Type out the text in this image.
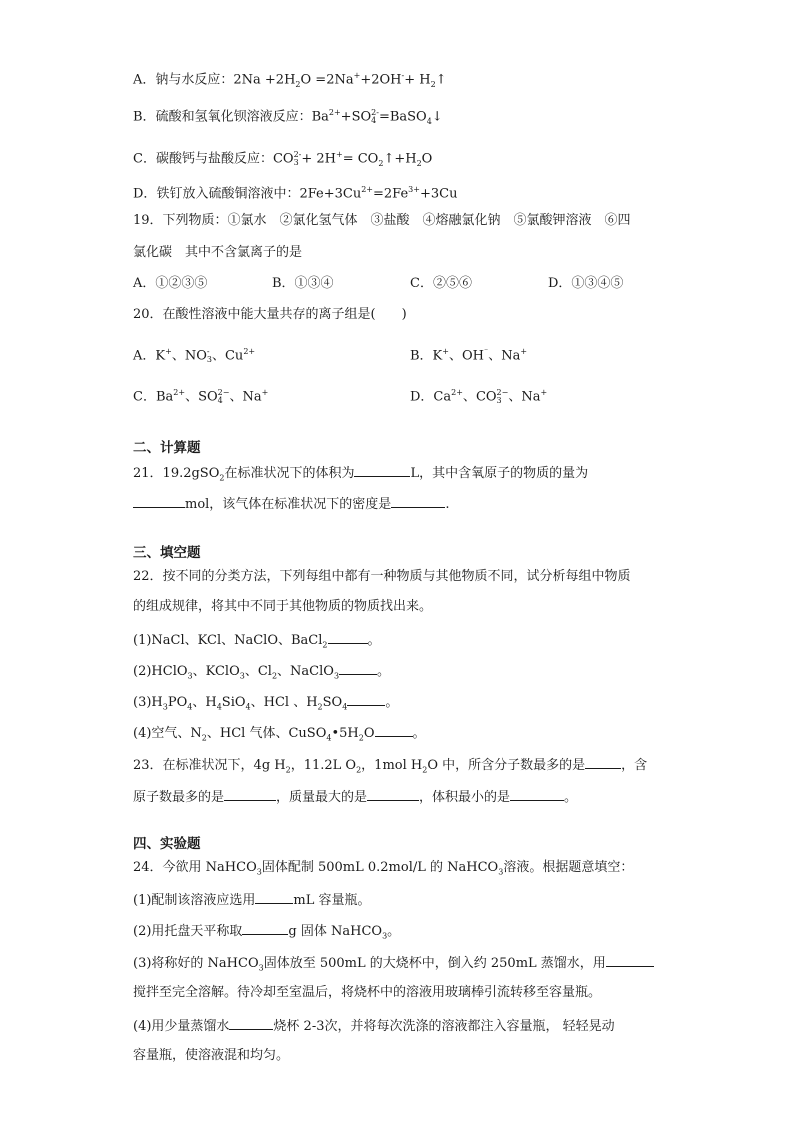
A．钠与水反应：$2Na +2H_2O =2Na^++2OH^-+$ $H_2↑$
B．硫酸和氢氧化钡溶液反应：$Ba^{2+}+SO$ 2-
4 =BaSO$_4$↓
C．碳酸钙与盐酸反应：CO 2-
$3 + 2H^+= CO_2↑+H_2O$
D．铁钉放入硫酸铜溶液中：$2Fe+3Cu^{2+}=2Fe^{3+}+3Cu$
19．下列物质：①氯水　②氯化氢气体　③盐酸　④熔融氯化钠　⑤氯酸钾溶液　⑥四
氯化碳　其中不含氯离子的是
A．①②③⑤	B．①③④	C．②⑤⑥	D．①③④⑤
20．在酸性溶液中能大量共存的离子组是(　　)
A．K+、NO -
3 、$Cu^{2+}$	B．K+、OH⁻、Na+
C．$Ba^{2+}$、SO 2−
4 、Na+	D．$Ca^{2+}$、CO 2−
3 、Na+
二、计算题
21．19.2gSO$_2$在标准状况下的体积为	L，其中含氧原子的物质的量为
mol，该气体在标准状况下的密度是	.
三、填空题
22．按不同的分类方法，下列每组中都有一种物质与其他物质不同，试分析每组中物质
的组成规律，将其中不同于其他物质的物质找出来。
(1)NaCl、KCl、NaClO、BaCl$_2$	。
(2)HClO$_3$、KClO$_3$、$Cl_2$、NaClO$_3$	。
$(3)H_3PO_4$、$H_4SiO_4$、HCl 、$H_2SO_4$	。
(4)空气、$N_2$、HCl 气体、$CuSO_4•5H_2O$	。
23．在标准状况下，4g $H_2$，11.2L $O_2$，1mol $H_2O$ 中，所含分子数最多的是	，含
原子数最多的是	，质量最大的是	，体积最小的是	。
四、实验题
24．今欲用 NaHCO$_3$固体配制 500mL 0.2mol/L 的 NaHCO$_3$溶液。根据题意填空：
(1)配制该溶液应选用	mL 容量瓶。
(2)用托盘天平称取	g 固体 NaHCO$_3$。
(3)将称好的 NaHCO$_3$固体放至 500mL 的大烧杯中，倒入约 250mL 蒸馏水，用
搅拌至完全溶解。待冷却至室温后，将烧杯中的溶液用玻璃棒引流转移至容量瓶。
(4)用少量蒸馏水	烧杯 2-3次，并将每次洗涤的溶液都注入容量瓶， 轻轻晃动
容量瓶，使溶液混和均匀。
